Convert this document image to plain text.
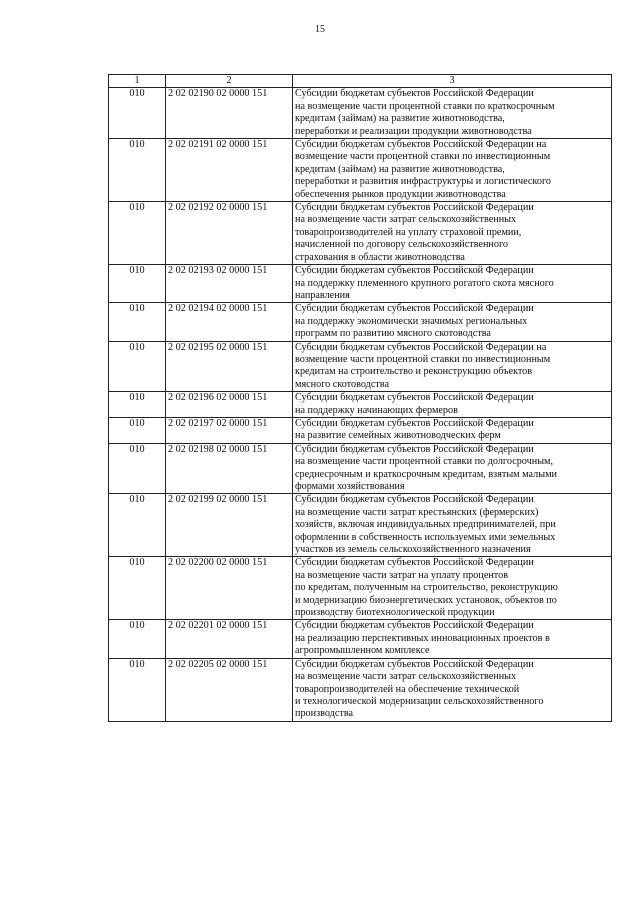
15
1	2	3
010	2 02 02190 02 0000 151	Субсидии бюджетам субъектов Российской Федерации
на возмещение части процентной ставки по краткосрочным
кредитам (займам) на развитие животноводства,
переработки и реализации продукции животноводства
010	2 02 02191 02 0000 151	Субсидии бюджетам субъектов Российской Федерации на
возмещение части процентной ставки по инвестиционным
кредитам (займам) на развитие животноводства,
переработки и развития инфраструктуры и логистического
обеспечения рынков продукции животноводства
010	2 02 02192 02 0000 151	Субсидии бюджетам субъектов Российской Федерации
на возмещение части затрат сельскохозяйственных
товаропроизводителей на уплату страховой премии,
начисленной по договору сельскохозяйственного
страхования в области животноводства
010	2 02 02193 02 0000 151	Субсидии бюджетам субъектов Российской Федерации
на поддержку племенного крупного рогатого скота мясного
направления
010	2 02 02194 02 0000 151	Субсидии бюджетам субъектов Российской Федерации
на поддержку экономически значимых региональных
программ по развитию мясного скотоводства
010	2 02 02195 02 0000 151	Субсидии бюджетам субъектов Российской Федерации на
возмещение части процентной ставки по инвестиционным
кредитам на строительство и реконструкцию объектов
мясного скотоводства
010	2 02 02196 02 0000 151	Субсидии бюджетам субъектов Российской Федерации
на поддержку начинающих фермеров
010	2 02 02197 02 0000 151	Субсидии бюджетам субъектов Российской Федерации
на развитие семейных животноводческих ферм
010	2 02 02198 02 0000 151	Субсидии бюджетам субъектов Российской Федерации
на возмещение части процентной ставки по долгосрочным,
среднесрочным и краткосрочным кредитам, взятым малыми
формами хозяйствования
010	2 02 02199 02 0000 151	Субсидии бюджетам субъектов Российской Федерации
на возмещение части затрат крестьянских (фермерских)
хозяйств, включая индивидуальных предпринимателей, при
оформлении в собственность используемых ими земельных
участков из земель сельскохозяйственного назначения
010	2 02 02200 02 0000 151	Субсидии бюджетам субъектов Российской Федерации
на возмещение части затрат на уплату процентов
по кредитам, полученным на строительство, реконструкцию
и модернизацию биоэнергетических установок, объектов по
производству биотехнологической продукции
010	2 02 02201 02 0000 151	Субсидии бюджетам субъектов Российской Федерации
на реализацию перспективных инновационных проектов в
агропромышленном комплексе
010	2 02 02205 02 0000 151	Субсидии бюджетам субъектов Российской Федерации
на возмещение части затрат сельскохозяйственных
товаропроизводителей на обеспечение технической
и технологической модернизации сельскохозяйственного
производства
